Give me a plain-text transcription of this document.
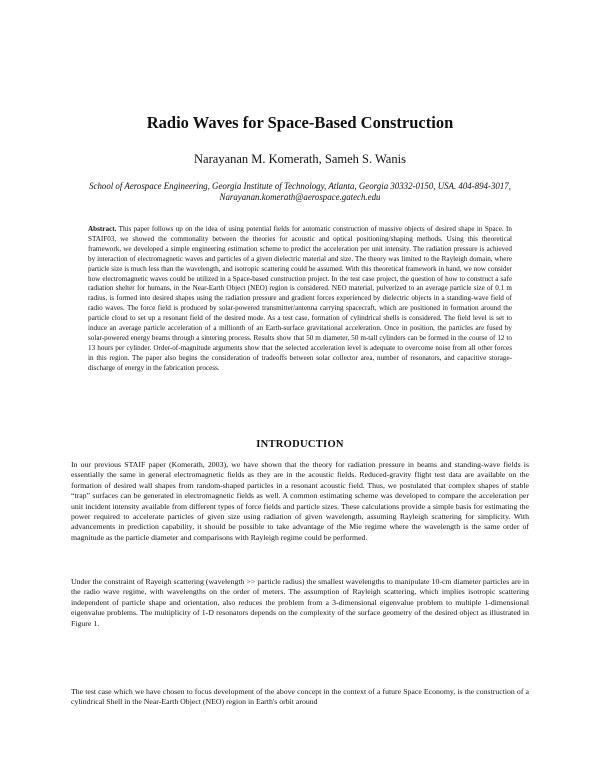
Radio Waves for Space-Based Construction
Narayanan M. Komerath, Sameh S. Wanis
School of Aerospace Engineering, Georgia Institute of Technology, Atlanta, Georgia 30332-0150, USA. 404-894-3017, Narayanan.komerath@aerospace.gatech.edu
Abstract. This paper follows up on the idea of using potential fields for automatic construction of massive objects of desired shape in Space. In STAIF03, we showed the commonality between the theories for acoustic and optical positioning/shaping methods. Using this theoretical framework, we developed a simple engineering estimation scheme to predict the acceleration per unit intensity. The radiation pressure is achieved by interaction of electromagnetic waves and particles of a given dielectric material and size. The theory was limited to the Rayleigh domain, where particle size is much less than the wavelength, and isotropic scattering could be assumed. With this theoretical framework in hand, we now consider how electromagnetic waves could be utilized in a Space-based construction project. In the test case project, the question of how to construct a safe radiation shelter for humans, in the Near-Earth Object (NEO) region is considered. NEO material, pulverized to an average particle size of 0.1 m radius, is formed into desired shapes using the radiation pressure and gradient forces experienced by dielectric objects in a standing-wave field of radio waves. The force field is produced by solar-powered transmitter/antenna carrying spacecraft, which are positioned in formation around the particle cloud to set up a resonant field of the desired mode. As a test case, formation of cylindrical shells is considered. The field level is set to induce an average particle acceleration of a millionth of an Earth-surface gravitational acceleration. Once in position, the particles are fused by solar-powered energy beams through a sintering process. Results show that 50 m diameter, 50 m-tall cylinders can be formed in the course of 12 to 13 hours per cylinder. Order-of-magnitude arguments show that the selected acceleration level is adequate to overcome noise from all other forces in this region. The paper also begins the consideration of tradeoffs between solar collector area, number of resonators, and capacitive storage-discharge of energy in the fabrication process.
INTRODUCTION
In our previous STAIF paper (Komerath, 2003), we have shown that the theory for radiation pressure in beams and standing-wave fields is essentially the same in general electromagnetic fields as they are in the acoustic fields. Reduced-gravity flight test data are available on the formation of desired wall shapes from random-shaped particles in a resonant acoustic field. Thus, we postulated that complex shapes of stable “trap” surfaces can be generated in electromagnetic fields as well. A common estimating scheme was developed to compare the acceleration per unit incident intensity available from different types of force fields and particle sizes. These calculations provide a simple basis for estimating the power required to accelerate particles of given size using radiation of given wavelength, assuming Rayleigh scattering for simplicity. With advancements in prediction capability, it should be possible to take advantage of the Mie regime where the wavelength is the same order of magnitude as the particle diameter and comparisons with Rayleigh regime could be performed.
Under the constraint of Rayeigh scattering (wavelength >> particle radius) the smallest wavelengths to manipulate 10-cm diameter particles are in the radio wave regime, with wavelengths on the order of meters. The assumption of Rayleigh scattering, which implies isotropic scattering independent of particle shape and orientation, also reduces the problem from a 3-dimensional eigenvalue problem to multiple 1-dimensional eigenvalue problems. The multiplicity of 1-D resonators depends on the complexity of the surface geometry of the desired object as illustrated in Figure 1.
The test case which we have chosen to focus development of the above concept in the context of a future Space Economy, is the construction of a cylindrical Shell in the Near-Earth Object (NEO) region in Earth's orbit around
